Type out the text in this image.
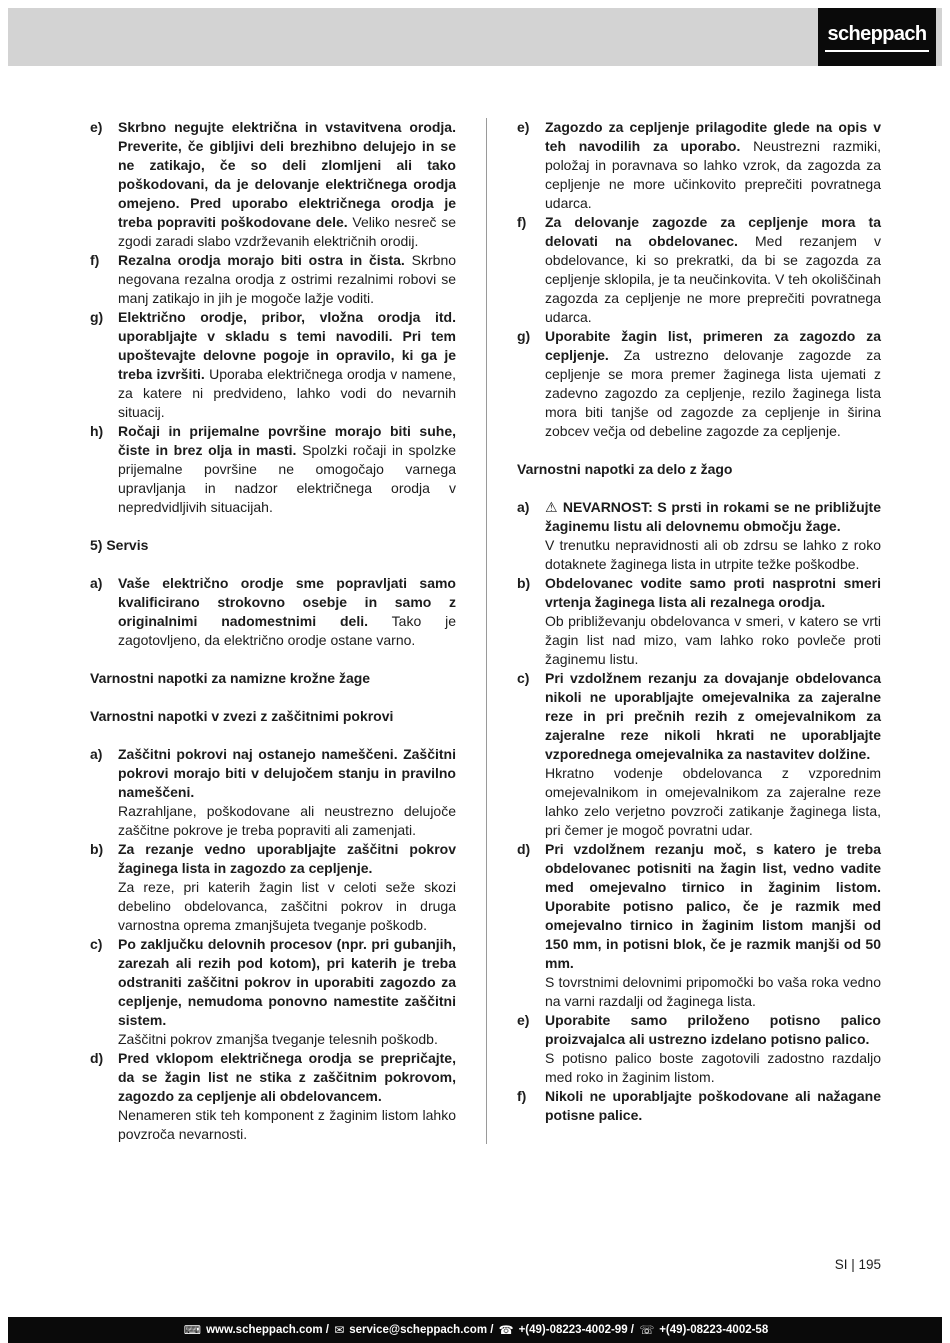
scheppach
e)	Skrbno negujte električna in vstavitvena orodja. Preverite, če gibljivi deli brezhibno delujejo in se ne zatikajo, če so deli zlomljeni ali tako poškodovani, da je delovanje električnega orodja omejeno. Pred uporabo električnega orodja je treba popraviti poškodovane dele. Veliko nesreč se zgodi zaradi slabo vzdrževanih električnih orodij.

f)	Rezalna orodja morajo biti ostra in čista. Skrbno negovana rezalna orodja z ostrimi rezalnimi robovi se manj zatikajo in jih je mogoče lažje voditi.

g)	Električno orodje, pribor, vložna orodja itd. uporabljajte v skladu s temi navodili. Pri tem upoštevajte delovne pogoje in opravilo, ki ga je treba izvršiti. Uporaba električnega orodja v namene, za katere ni predvideno, lahko vodi do nevarnih situacij.

h)	Ročaji in prijemalne površine morajo biti suhe, čiste in brez olja in masti. Spolzki ročaji in spolzke prijemalne površine ne omogočajo varnega upravljanja in nadzor električnega orodja v nepredvidljivih situacijah.

5) Servis
a)	Vaše električno orodje sme popravljati samo kvalificirano strokovno osebje in samo z originalnimi nadomestnimi deli. Tako je zagotovljeno, da električno orodje ostane varno.

Varnostni napotki za namizne krožne žage
Varnostni napotki v zvezi z zaščitnimi pokrovi
a)	Zaščitni pokrovi naj ostanejo nameščeni. Zaščitni pokrovi morajo biti v delujočem stanju in pravilno nameščeni.
Razrahljane, poškodovane ali neustrezno delujoče zaščitne pokrove je treba popraviti ali zamenjati.

b)	Za rezanje vedno uporabljajte zaščitni pokrov žaginega lista in zagozdo za cepljenje.
Za reze, pri katerih žagin list v celoti seže skozi debelino obdelovanca, zaščitni pokrov in druga varnostna oprema zmanjšujeta tveganje poškodb.

c)	Po zaključku delovnih procesov (npr. pri gubanjih, zarezah ali rezih pod kotom), pri katerih je treba odstraniti zaščitni pokrov in uporabiti zagozdo za cepljenje, nemudoma ponovno namestite zaščitni sistem.
Zaščitni pokrov zmanjša tveganje telesnih poškodb.

d)	Pred vklopom električnega orodja se prepričajte, da se žagin list ne stika z zaščitnim pokrovom, zagozdo za cepljenje ali obdelovancem.
Nenameren stik teh komponent z žaginim listom lahko povzroča nevarnosti.

e)	Zagozdo za cepljenje prilagodite glede na opis v teh navodilih za uporabo. Neustrezni razmiki, položaj in poravnava so lahko vzrok, da zagozda za cepljenje ne more učinkovito preprečiti povratnega udarca.

f)	Za delovanje zagozde za cepljenje mora ta delovati na obdelovanec. Med rezanjem v obdelovance, ki so prekratki, da bi se zagozda za cepljenje sklopila, je ta neučinkovita. V teh okoliščinah zagozda za cepljenje ne more preprečiti povratnega udarca.

g)	Uporabite žagin list, primeren za zagozdo za cepljenje. Za ustrezno delovanje zagozde za cepljenje se mora premer žaginega lista ujemati z zadevno zagozdo za cepljenje, rezilo žaginega lista mora biti tanjše od zagozde za cepljenje in širina zobcev večja od debeline zagozde za cepljenje.

Varnostni napotki za delo z žago
a)	⚠ NEVARNOST: S prsti in rokami se ne približujte žaginemu listu ali delovnemu območju žage.
V trenutku nepravidnosti ali ob zdrsu se lahko z roko dotaknete žaginega lista in utrpite težke poškodbe.

b)	Obdelovanec vodite samo proti nasprotni smeri vrtenja žaginega lista ali rezalnega orodja.
Ob približevanju obdelovanca v smeri, v katero se vrti žagin list nad mizo, vam lahko roko povleče proti žaginemu listu.

c)	Pri vzdolžnem rezanju za dovajanje obdelovanca nikoli ne uporabljajte omejevalnika za zajeralne reze in pri prečnih rezih z omejevalnikom za zajeralne reze nikoli hkrati ne uporabljajte vzporednega omejevalnika za nastavitev dolžine.
Hkratno vodenje obdelovanca z vzporednim omejevalnikom in omejevalnikom za zajeralne reze lahko zelo verjetno povzroči zatikanje žaginega lista, pri čemer je mogoč povratni udar.

d)	Pri vzdolžnem rezanju moč, s katero je treba obdelovanec potisniti na žagin list, vedno vadite med omejevalno tirnico in žaginim listom. Uporabite potisno palico, če je razmik med omejevalno tirnico in žaginim listom manjši od 150 mm, in potisni blok, če je razmik manjši od 50 mm.
S tovrstnimi delovnimi pripomočki bo vaša roka vedno na varni razdalji od žaginega lista.

e)	Uporabite samo priloženo potisno palico proizvajalca ali ustrezno izdelano potisno palico.
S potisno palico boste zagotovili zadostno razdaljo med roko in žaginim listom.

f)	Nikoli ne uporabljajte poškodovane ali nažagane potisne palice.

SI | 195
⌨ www.scheppach.com / ✉ service@scheppach.com / ☎ +(49)-08223-4002-99 / ☏ +(49)-08223-4002-58
